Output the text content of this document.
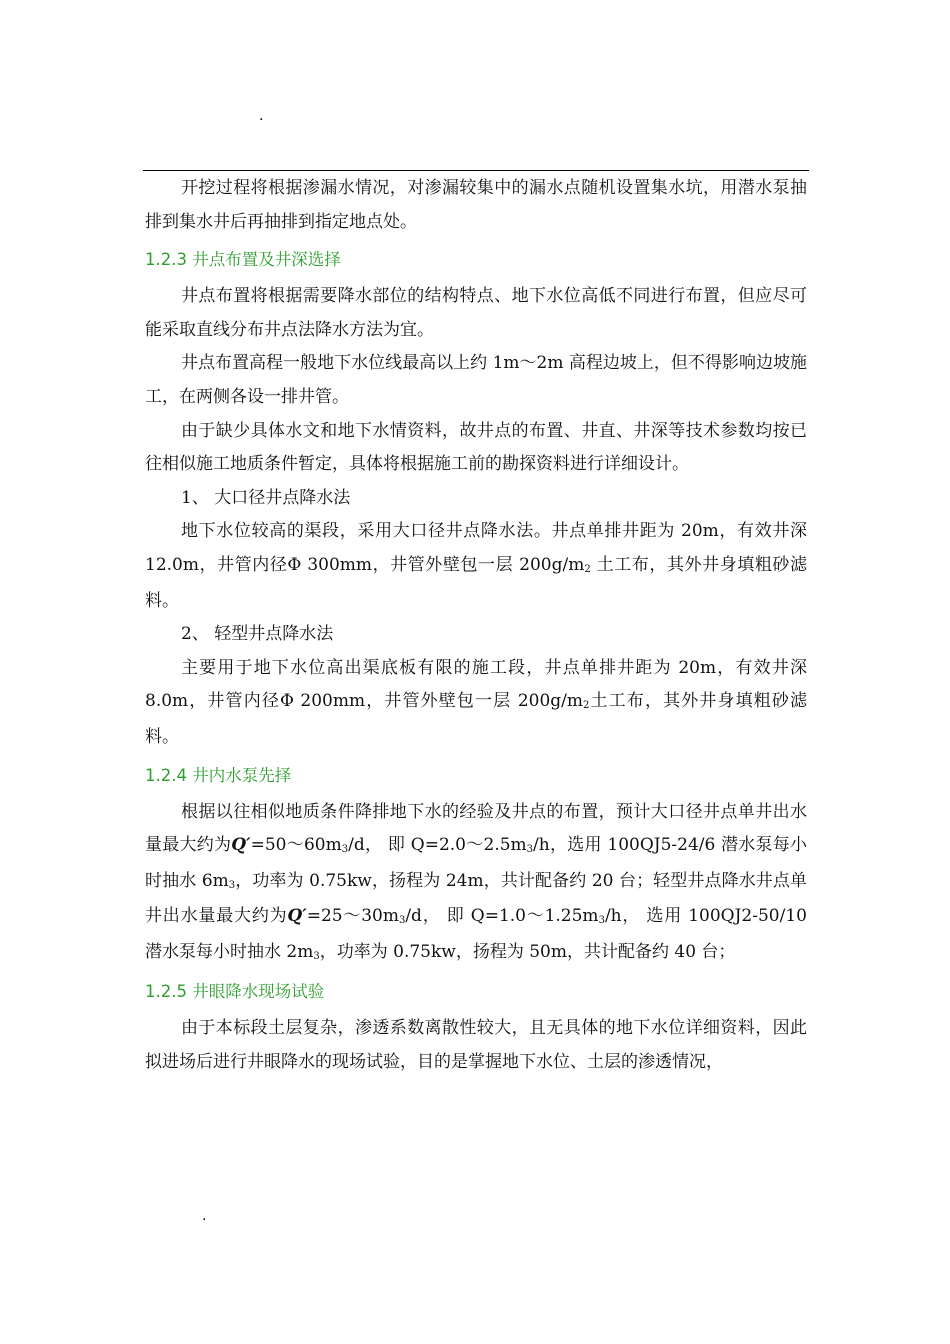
.

开挖过程将根据渗漏水情况，对渗漏较集中的漏水点随机设置集水坑，用潜水泵抽排到集水井后再抽排到指定地点处。

1.2.3 井点布置及井深选择

井点布置将根据需要降水部位的结构特点、地下水位高低不同进行布置，但应尽可能采取直线分布井点法降水方法为宜。

井点布置高程一般地下水位线最高以上约 1m～2m 高程边坡上，但不得影响边坡施工，在两侧各设一排井管。

由于缺少具体水文和地下水情资料，故井点的布置、井直、井深等技术参数均按已往相似施工地质条件暂定，具体将根据施工前的勘探资料进行详细设计。

1、 大口径井点降水法

地下水位较高的渠段，采用大口径井点降水法。井点单排井距为 20m，有效井深 12.0m，井管内径Φ 300mm，井管外壁包一层 $200g/m_2$ 土工布，其外井身填粗砂滤料。

2、 轻型井点降水法

主要用于地下水位高出渠底板有限的施工段，井点单排井距为 20m，有效井深 8.0m，井管内径Φ 200mm，井管外壁包一层 $200g/m_2$土工布，其外井身填粗砂滤料。

1.2.4 井内水泵先择

根据以往相似地质条件降排地下水的经验及井点的布置，预计大口径井点单井出水量最大约为$Q'=50\sim 60m_3/d$， 即 $Q=2.0\sim 2.5m_3/h$，选用 100QJ5-24/6 潜水泵每小时抽水 $6m_3$，功率为 0.75kw，扬程为 24m，共计配备约 20 台；轻型井点降水井点单井出水量最大约为$Q'=25\sim 30m_3/d$， 即 $Q=1.0\sim 1.25m_3/h$， 选用 100QJ2-50/10 潜水泵每小时抽水 $2m_3$，功率为 0.75kw，扬程为 50m，共计配备约 40 台；

1.2.5 井眼降水现场试验

由于本标段土层复杂，渗透系数离散性较大，且无具体的地下水位详细资料，因此拟进场后进行井眼降水的现场试验，目的是掌握地下水位、土层的渗透情况，

.
